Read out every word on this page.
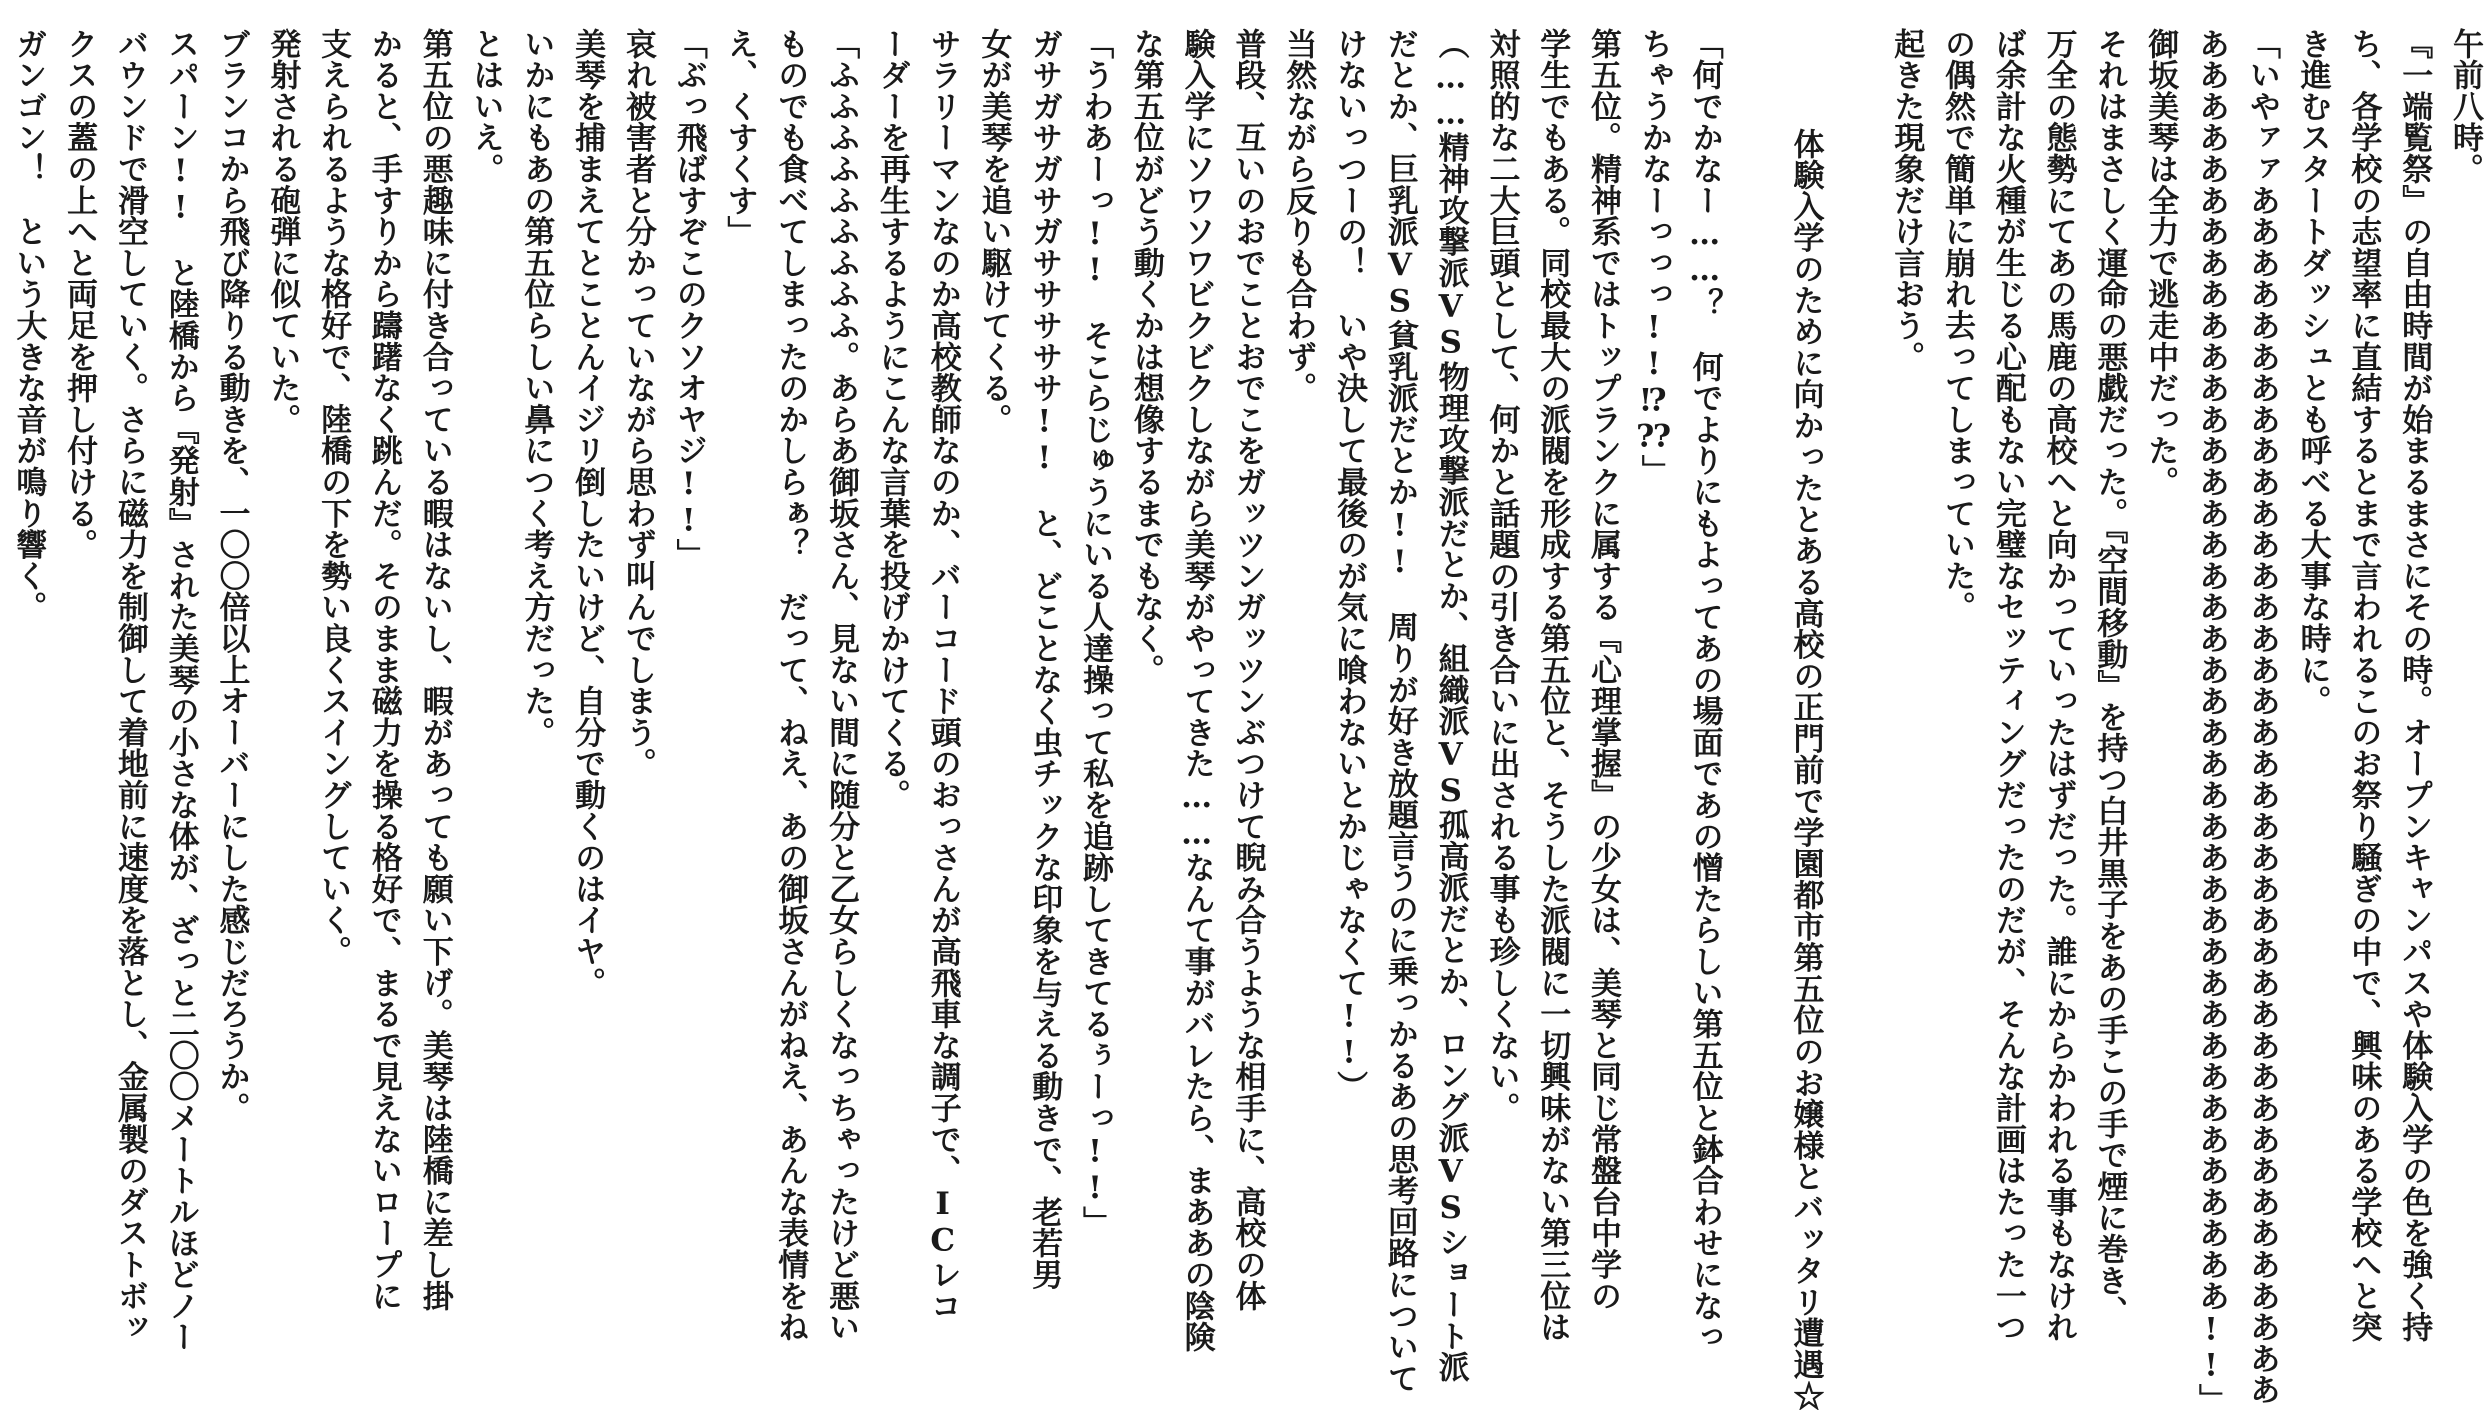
午前八時。

『一端覧祭』の自由時間が始まるまさにその時。オープンキャンパスや体験入学の色を強く持

ち、各学校の志望率に直結するとまで言われるこのお祭り騒ぎの中で、興味のある学校へと突

き進むスタートダッシュとも呼べる大事な時に。

「いやァァあああああああああああああああああああああああああああああああああああああああ

あああああああああああああああああああああああああああああああああああああああああ!!」

御坂美琴は全力で逃走中だった。

それはまさしく運命の悪戯だった。『空間移動』を持つ白井黒子をあの手この手で煙に巻き、

万全の態勢にてあの馬鹿の高校へと向かっていったはずだった。誰にからかわれる事もなけれ

ば余計な火種が生じる心配もない完璧なセッティングだったのだが、そんな計画はたった一つ

の偶然で簡単に崩れ去ってしまっていた。

起きた現象だけ言おう。

体験入学のために向かったとある高校の正門前で学園都市第五位のお嬢様とバッタリ遭遇☆

「何でかなー……？　何でよりにもよってあの場面であの憎たらしい第五位と鉢合わせになっ

ちゃうかなーっっっ!!⁉⁇」

第五位。精神系ではトップランクに属する『心理掌握』の少女は、美琴と同じ常盤台中学の

学生でもある。同校最大の派閥を形成する第五位と、そうした派閥に一切興味がない第三位は

対照的な二大巨頭として、何かと話題の引き合いに出される事も珍しくない。

（……精神攻撃派VS物理攻撃派だとか、組織派VS孤高派だとか、ロング派VSショート派

だとか、巨乳派VS貧乳派だとか!!　周りが好き放題言うのに乗っかるあの思考回路について

けないっつーの！　いや決して最後のが気に喰わないとかじゃなくて!!）

当然ながら反りも合わず。

普段、互いのおでことおでこをガッツンガッツンぶつけて睨み合うような相手に、高校の体

験入学にソワソワビクビクしながら美琴がやってきた……なんて事がバレたら、まああの陰険

な第五位がどう動くかは想像するまでもなく。

「うわあーっ!!　そこらじゅうにいる人達操って私を追跡してきてるぅーっ!!」

ガサガサガサガサササササ!!　と、どことなく虫チックな印象を与える動きで、老若男

女が美琴を追い駆けてくる。

サラリーマンなのか高校教師なのか、バーコード頭のおっさんが高飛車な調子で、ICレコ

ーダーを再生するようにこんな言葉を投げかけてくる。

「ふふふふふふふふふ。あらあ御坂さん、見ない間に随分と乙女らしくなっちゃったけど悪い

ものでも食べてしまったのかしらぁ？　だって、ねえ、あの御坂さんがねえ、あんな表情をね

え、くすくす」

「ぶっ飛ばすぞこのクソオヤジ!!」

哀れ被害者と分かっていながら思わず叫んでしまう。

美琴を捕まえてとことんイジリ倒したいけど、自分で動くのはイヤ。

いかにもあの第五位らしい鼻につく考え方だった。

とはいえ。

第五位の悪趣味に付き合っている暇はないし、暇があっても願い下げ。美琴は陸橋に差し掛

かると、手すりから躊躇なく跳んだ。そのまま磁力を操る格好で、まるで見えないロープに

支えられるような格好で、陸橋の下を勢い良くスイングしていく。

発射される砲弾に似ていた。

ブランコから飛び降りる動きを、一〇〇倍以上オーバーにした感じだろうか。

スパーン!!　と陸橋から『発射』された美琴の小さな体が、ざっと二〇〇メートルほどノー

バウンドで滑空していく。さらに磁力を制御して着地前に速度を落とし、金属製のダストボッ

クスの蓋の上へと両足を押し付ける。

ガンゴン！　という大きな音が鳴り響く。
